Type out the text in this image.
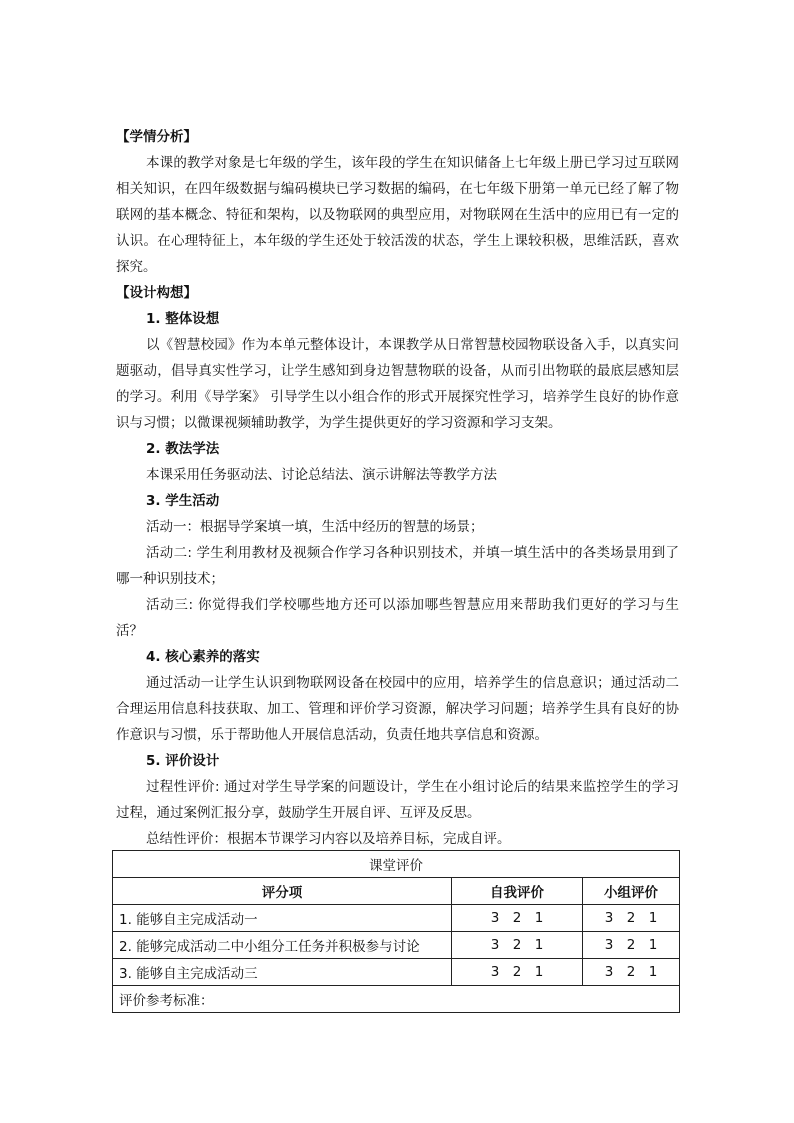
【学情分析】

本课的教学对象是七年级的学生，该年段的学生在知识储备上七年级上册已学习过互联网相关知识，在四年级数据与编码模块已学习数据的编码，在七年级下册第一单元已经了解了物联网的基本概念、特征和架构，以及物联网的典型应用，对物联网在生活中的应用已有一定的认识。在心理特征上，本年级的学生还处于较活泼的状态，学生上课较积极，思维活跃，喜欢探究。

【设计构想】

1. 整体设想

以《智慧校园》作为本单元整体设计，本课教学从日常智慧校园物联设备入手，以真实问题驱动，倡导真实性学习，让学生感知到身边智慧物联的设备，从而引出物联的最底层感知层的学习。利用《导学案》 引导学生以小组合作的形式开展探究性学习，培养学生良好的协作意识与习惯；以微课视频辅助教学，为学生提供更好的学习资源和学习支架。

2. 教法学法

本课采用任务驱动法、讨论总结法、演示讲解法等教学方法

3. 学生活动

活动一：根据导学案填一填，生活中经历的智慧的场景；

活动二: 学生利用教材及视频合作学习各种识别技术，并填一填生活中的各类场景用到了哪一种识别技术；

活动三: 你觉得我们学校哪些地方还可以添加哪些智慧应用来帮助我们更好的学习与生活？

4. 核心素养的落实

通过活动一让学生认识到物联网设备在校园中的应用，培养学生的信息意识；通过活动二合理运用信息科技获取、加工、管理和评价学习资源，解决学习问题；培养学生具有良好的协作意识与习惯，乐于帮助他人开展信息活动，负责任地共享信息和资源。

5. 评价设计

过程性评价: 通过对学生导学案的问题设计，学生在小组讨论后的结果来监控学生的学习过程，通过案例汇报分享，鼓励学生开展自评、互评及反思。

总结性评价：根据本节课学习内容以及培养目标，完成自评。

课堂评价		
评分项	自我评价	小组评价
1. 能够自主完成活动一	3 2 1	3 2 1
2. 能够完成活动二中小组分工任务并积极参与讨论	3 2 1	3 2 1
3. 能够自主完成活动三	3 2 1	3 2 1
评价参考标准：		
